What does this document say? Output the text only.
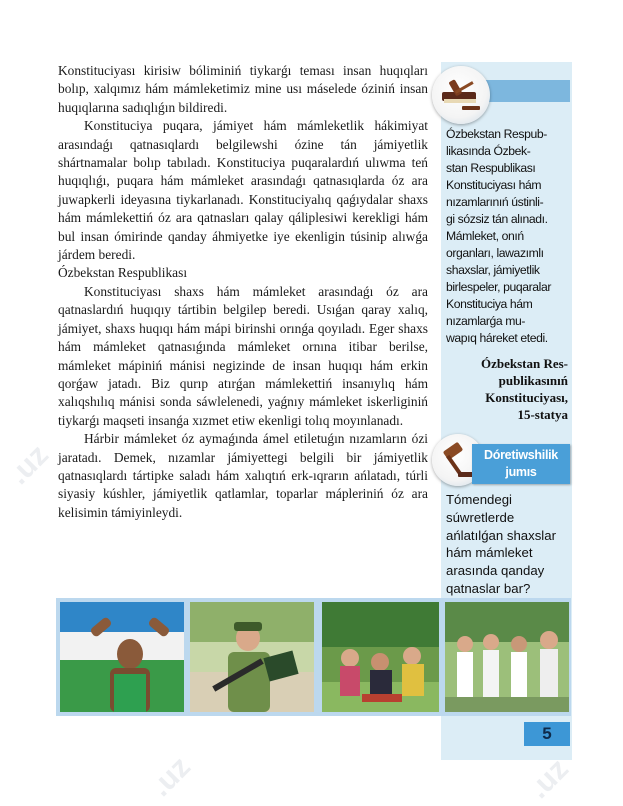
.uz
.uz	.uz

Konstituciyası kirisiw bóliminiń tiykarǵı teması insan huqıqları bolıp, xalqımız hám mámleketimiz mine usı máselede óziniń insan huqıqlarına sadıqlıǵın bildiredi.

Konstituciya puqara, jámiyet hám mámleketlik hákimiyat arasındaǵı qatnasıqlardı belgilewshi ózine tán jámiyetlik shártnamalar bolıp tabıladı. Konstituciya puqaralardıń ulıwma teń huqıqlıǵı, puqara hám mámleket arasındaǵı qatnasıqlarda óz ara juwapkerli ideyasına tiykarlanadı. Konstituciyalıq qaǵıydalar shaxs hám mámlekettiń óz ara qatnasları qalay qáliplesiwi kerekligi hám bul insan ómirinde qanday áhmiyetke iye ekenligin túsinip alıwǵa járdem beredi.

Ózbekstan Respublikası

Konstituciyası shaxs hám mámleket arasındaǵı óz ara qatnaslardıń huqıqıy tártibin belgilep beredi. Usıǵan qaray xalıq, jámiyet, shaxs huqıqı hám mápi birinshi orınǵa qoyıladı. Eger shaxs hám mámleket qatnasıǵında mámleket ornına itibar berilse, mámleket mápiniń mánisi negizinde de insan huqıqı hám erkin qorǵaw jatadı. Biz qurıp atırǵan mámlekettiń insanıylıq hám xalıqshılıq mánisi sonda sáwlelenedi, yaǵnıy mámleket iskerliginiń tiykarǵı maqseti insanǵa xızmet etiw ekenligi tolıq moyınlanadı.

Hárbir mámleket óz aymaǵında ámel etiletuǵın nızamların ózi jaratadı. Demek, nızamlar jámiyettegi belgili bir jámiyetlik qatnasıqlardı tártipke saladı hám xalıqtıń erk-ıqrarın ańlatadı, túrli siyasiy kúshler, jámiyetlik qatlamlar, toparlar mápleriniń óz ara kelisimin támiyinleydi.

Ózbekstan Respub-

likasında Ózbek-

stan Respublikası

Konstituciyası hám

nızamlarınıń ústinli-

gi sózsiz tán alınadı.

Mámleket, onıń

organları, lawazımlı

shaxslar, jámiyetlik

birlespeler, puqaralar

Konstituciya hám

nızamlarǵa mu-

wapıq háreket etedi.

Ózbekstan Res-
publikasınıń
Konstituciyası,
15-statya
Dóretiwshilik
jumıs
Tómendegi
súwretlerde
ańlatılǵan shaxslar
hám mámleket
arasında qanday
qatnaslar bar?
5
